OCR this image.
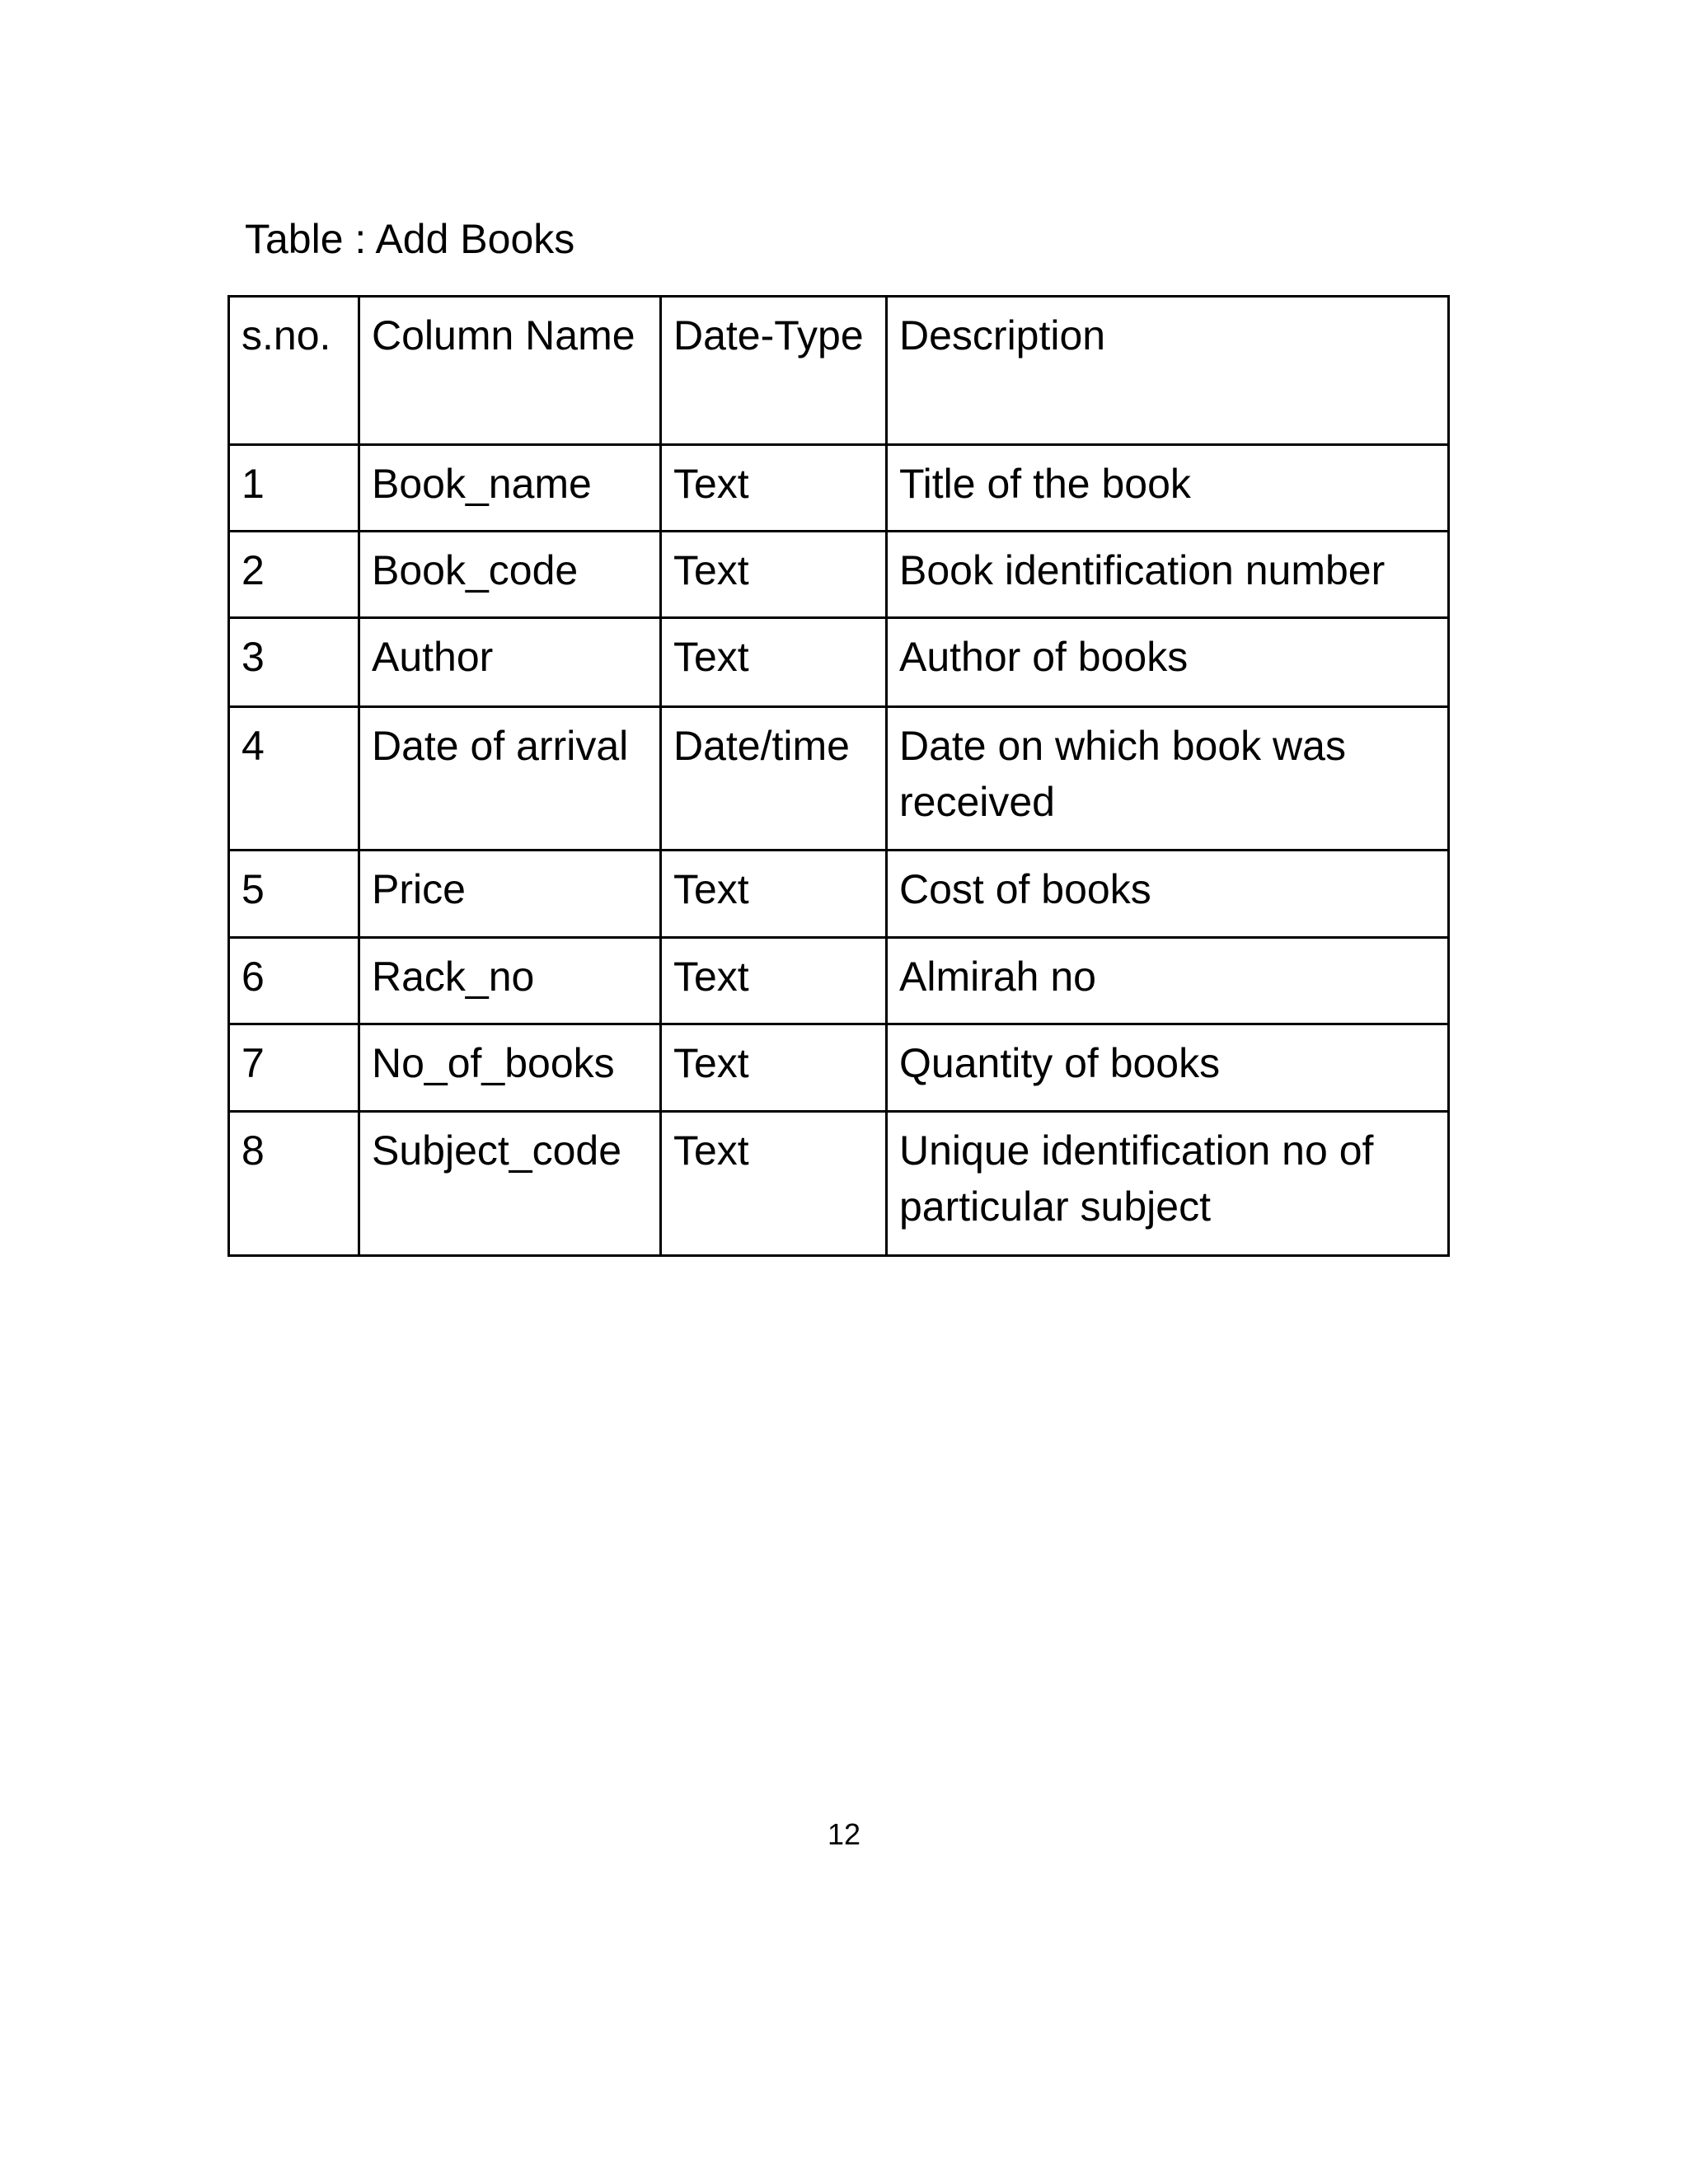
Table : Add Books
s.no.	Column Name	Date-Type	Description
1	Book_name	Text	Title of the book
2	Book_code	Text	Book identification number
3	Author	Text	Author of books
4	Date of arrival	Date/time	Date on which book was received
5	Price	Text	Cost of books
6	Rack_no	Text	Almirah no
7	No_of_books	Text	Quantity of books
8	Subject_code	Text	Unique identification no of particular subject
12
